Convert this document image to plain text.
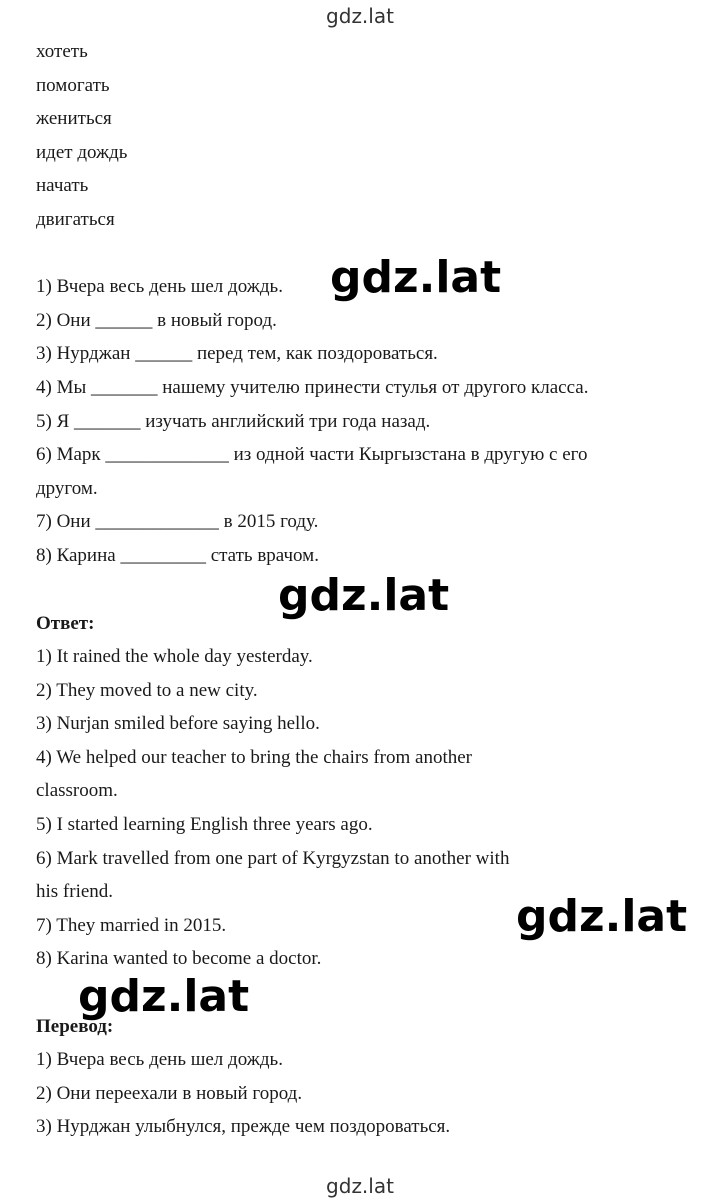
gdz.lat
хотеть
помогать
жениться
идет дождь
начать
двигаться
1) Вчера весь день шел дождь.
2) Они ______ в новый город.
3) Нурджан ______ перед тем, как поздороваться.
4) Мы _______ нашему учителю принести стулья от другого класса.
5) Я _______ изучать английский три года назад.
6) Марк _____________ из одной части Кыргызстана в другую с его
другом.
7) Они _____________ в 2015 году.
8) Карина _________ стать врачом.
Ответ:
1) It rained the whole day yesterday.
2) They moved to a new city.
3) Nurjan smiled before saying hello.
4) We helped our teacher to bring the chairs from another
classroom.
5) I started learning English three years ago.
6) Mark travelled from one part of Kyrgyzstan to another with
his friend.
7) They married in 2015.
8) Karina wanted to become a doctor.
Перевод:
1) Вчера весь день шел дождь.
2) Они переехали в новый город.
3) Нурджан улыбнулся, прежде чем поздороваться.
gdz.lat
gdz.lat
gdz.lat
gdz.lat
gdz.lat
